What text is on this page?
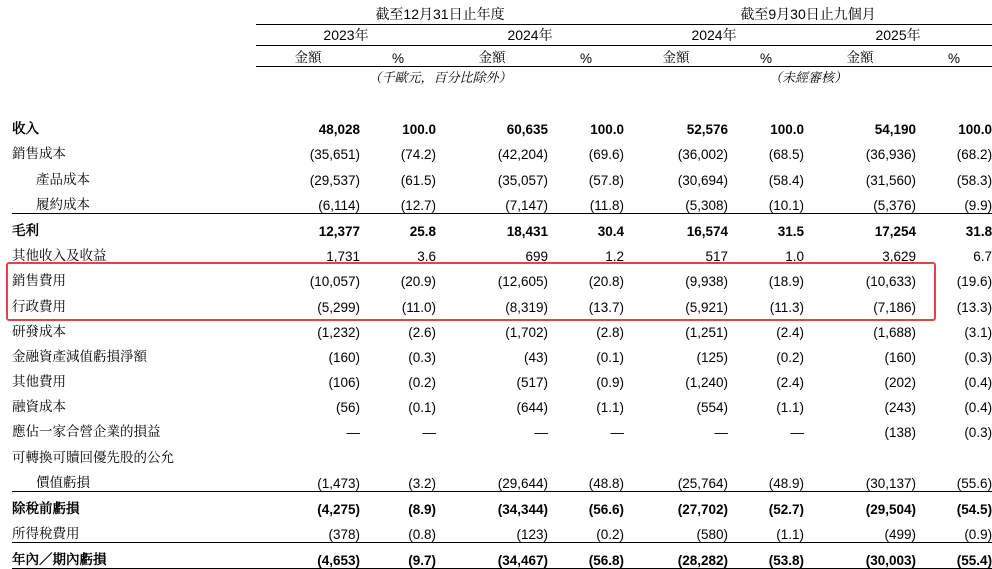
	截至12月31日止年度				截至9月30日止九個月			
	2023年		2024年		2024年		2025年	
	金額	%	金額	%	金額	%	金額	%
	（千歐元，百分比除外）				（未經審核）			

收入	48,028	100.0	60,635	100.0	52,576	100.0	54,190	100.0
銷售成本	(35,651)	(74.2)	(42,204)	(69.6)	(36,002)	(68.5)	(36,936)	(68.2)
產品成本	(29,537)	(61.5)	(35,057)	(57.8)	(30,694)	(58.4)	(31,560)	(58.3)
履約成本	(6,114)	(12.7)	(7,147)	(11.8)	(5,308)	(10.1)	(5,376)	(9.9)
毛利	12,377	25.8	18,431	30.4	16,574	31.5	17,254	31.8
其他收入及收益	1,731	3.6	699	1.2	517	1.0	3,629	6.7
銷售費用	(10,057)	(20.9)	(12,605)	(20.8)	(9,938)	(18.9)	(10,633)	(19.6)
行政費用	(5,299)	(11.0)	(8,319)	(13.7)	(5,921)	(11.3)	(7,186)	(13.3)
研發成本	(1,232)	(2.6)	(1,702)	(2.8)	(1,251)	(2.4)	(1,688)	(3.1)
金融資產減值虧損淨額	(160)	(0.3)	(43)	(0.1)	(125)	(0.2)	(160)	(0.3)
其他費用	(106)	(0.2)	(517)	(0.9)	(1,240)	(2.4)	(202)	(0.4)
融資成本	(56)	(0.1)	(644)	(1.1)	(554)	(1.1)	(243)	(0.4)
應佔一家合營企業的損益	—	—	—	—	—	—	(138)	(0.3)
可轉換可贖回優先股的公允								
價值虧損	(1,473)	(3.2)	(29,644)	(48.8)	(25,764)	(48.9)	(30,137)	(55.6)
除稅前虧損	(4,275)	(8.9)	(34,344)	(56.6)	(27,702)	(52.7)	(29,504)	(54.5)
所得稅費用	(378)	(0.8)	(123)	(0.2)	(580)	(1.1)	(499)	(0.9)
年內／期內虧損	(4,653)	(9.7)	(34,467)	(56.8)	(28,282)	(53.8)	(30,003)	(55.4)
